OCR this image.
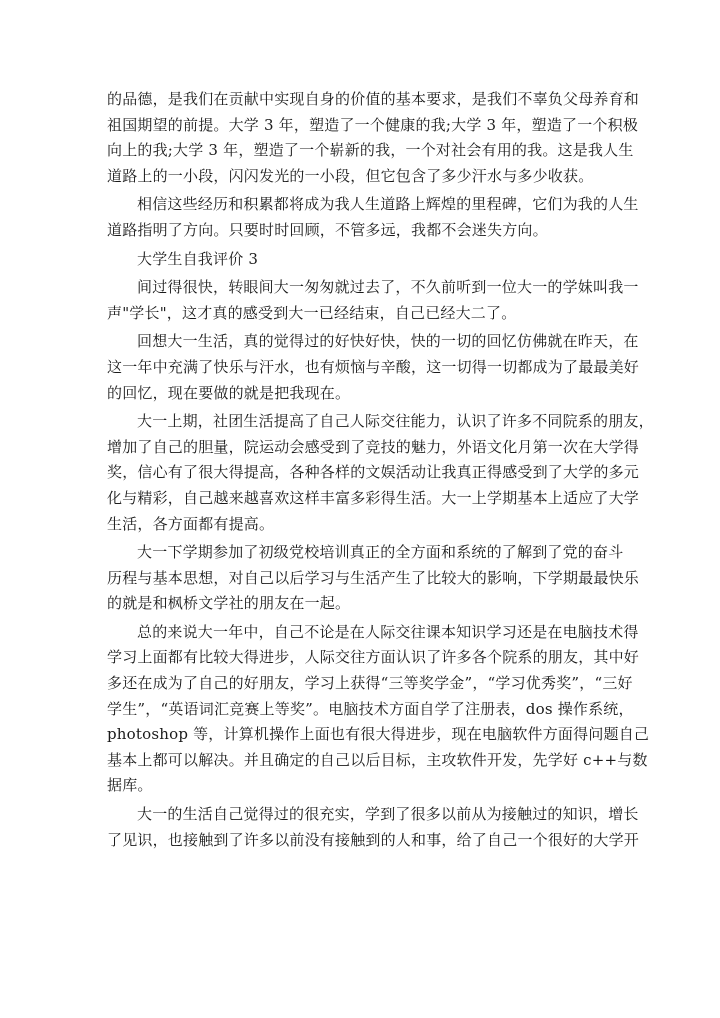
的品德，是我们在贡献中实现自身的价值的基本要求，是我们不辜负父母养育和
祖国期望的前提。大学 3 年，塑造了一个健康的我;大学 3 年，塑造了一个积极
向上的我;大学 3 年，塑造了一个崭新的我，一个对社会有用的我。这是我人生
道路上的一小段，闪闪发光的一小段，但它包含了多少汗水与多少收获。

相信这些经历和积累都将成为我人生道路上辉煌的里程碑，它们为我的人生
道路指明了方向。只要时时回顾，不管多远，我都不会迷失方向。

大学生自我评价 3

间过得很快，转眼间大一匆匆就过去了，不久前听到一位大一的学妹叫我一
声"学长"，这才真的感受到大一已经结束，自己已经大二了。

回想大一生活，真的觉得过的好快好快，快的一切的回忆仿佛就在昨天，在
这一年中充满了快乐与汗水，也有烦恼与辛酸，这一切得一切都成为了最最美好
的回忆，现在要做的就是把我现在。

大一上期，社团生活提高了自己人际交往能力，认识了许多不同院系的朋友，
增加了自己的胆量，院运动会感受到了竞技的魅力，外语文化月第一次在大学得
奖，信心有了很大得提高，各种各样的文娱活动让我真正得感受到了大学的多元
化与精彩，自己越来越喜欢这样丰富多彩得生活。大一上学期基本上适应了大学
生活，各方面都有提高。

大一下学期参加了初级党校培训真正的全方面和系统的了解到了党的奋斗
历程与基本思想，对自己以后学习与生活产生了比较大的影响，下学期最最快乐
的就是和枫桥文学社的朋友在一起。

总的来说大一年中，自己不论是在人际交往课本知识学习还是在电脑技术得
学习上面都有比较大得进步，人际交往方面认识了许多各个院系的朋友，其中好
多还在成为了自己的好朋友，学习上获得“三等奖学金”，“学习优秀奖”，“三好
学生”，“英语词汇竞赛上等奖”。电脑技术方面自学了注册表，dos 操作系统，
photoshop 等，计算机操作上面也有很大得进步，现在电脑软件方面得问题自己
基本上都可以解决。并且确定的自己以后目标，主攻软件开发，先学好 c++与数
据库。

大一的生活自己觉得过的很充实，学到了很多以前从为接触过的知识，增长
了见识，也接触到了许多以前没有接触到的人和事，给了自己一个很好的大学开
